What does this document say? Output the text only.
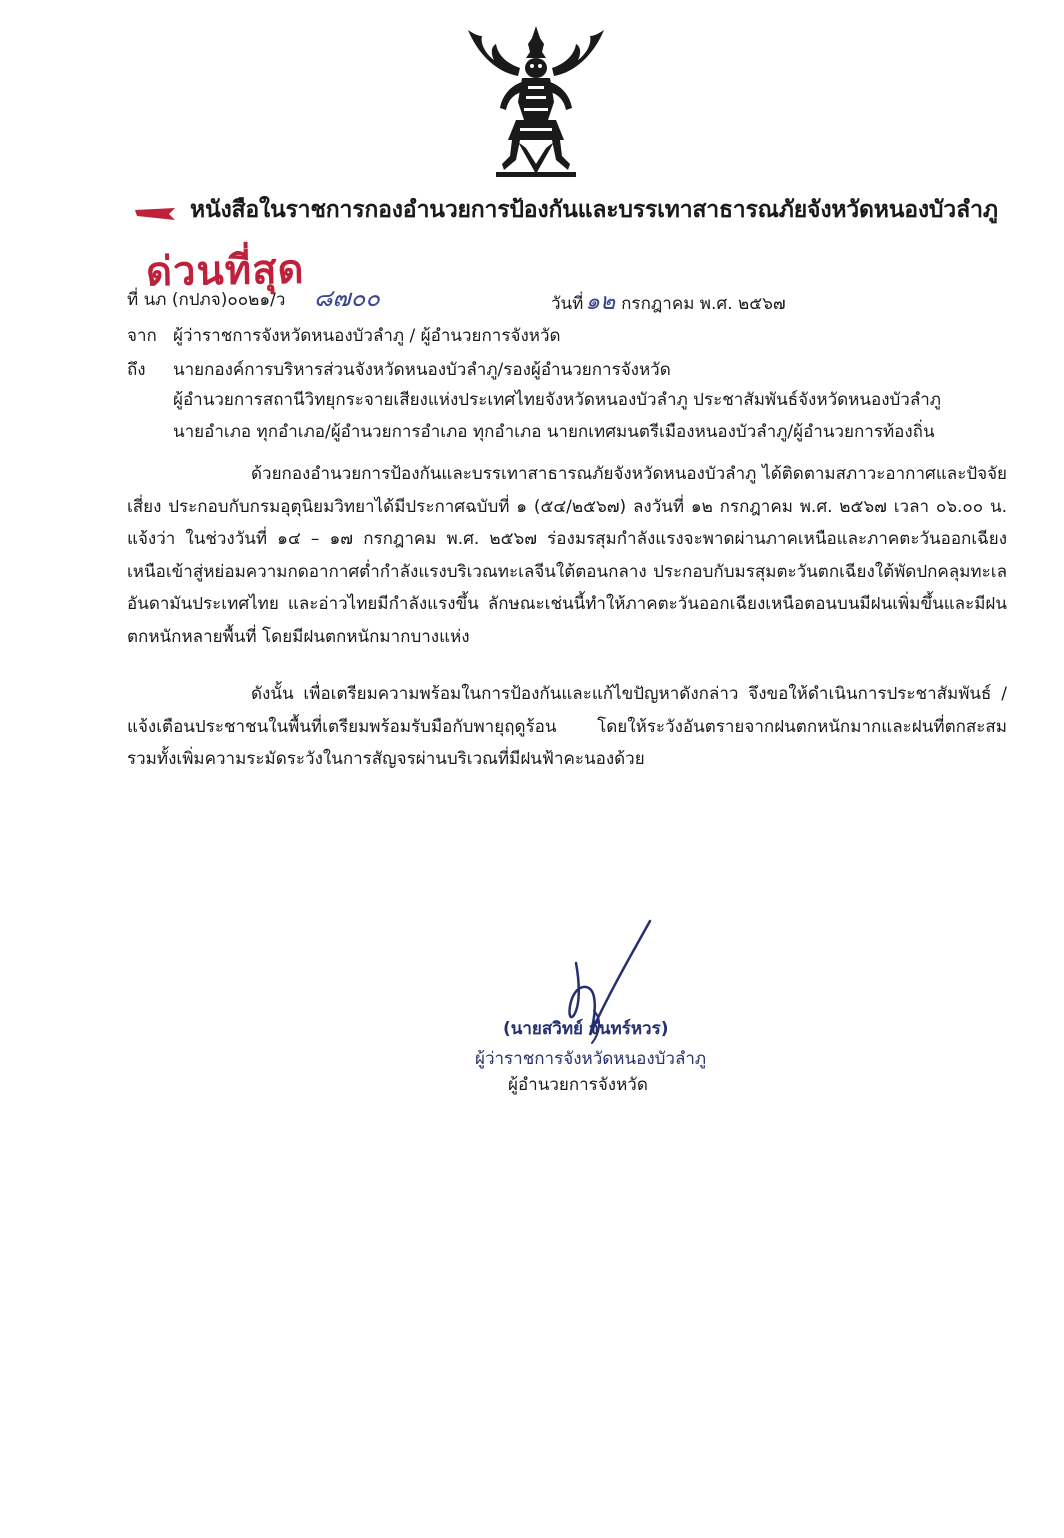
หนังสือในราชการกองอำนวยการป้องกันและบรรเทาสาธารณภัยจังหวัดหนองบัวลำภู
ด่วนที่สุด
ที่ นภ (กปภจ)๐๐๒๑/ว ๘๗๐๐	วันที่๑๒ กรกฎาคม พ.ศ. ๒๕๖๗
จาก ผู้ว่าราชการจังหวัดหนองบัวลำภู / ผู้อำนวยการจังหวัด
ถึง นายกองค์การบริหารส่วนจังหวัดหนองบัวลำภู/รองผู้อำนวยการจังหวัด
ผู้อำนวยการสถานีวิทยุกระจายเสียงแห่งประเทศไทยจังหวัดหนองบัวลำภู ประชาสัมพันธ์จังหวัดหนองบัวลำภู
นายอำเภอ ทุกอำเภอ/ผู้อำนวยการอำเภอ ทุกอำเภอ นายกเทศมนตรีเมืองหนองบัวลำภู/ผู้อำนวยการท้องถิ่น

ด้วยกองอำนวยการป้องกันและบรรเทาสาธารณภัยจังหวัดหนองบัวลำภู ได้ติดตามสภาวะอากาศและปัจจัยเสี่ยง ประกอบกับกรมอุตุนิยมวิทยาได้มีประกาศฉบับที่ ๑ (๕๔/๒๕๖๗) ลงวันที่ ๑๒ กรกฎาคม พ.ศ. ๒๕๖๗ เวลา ๐๖.๐๐ น. แจ้งว่า ในช่วงวันที่ ๑๔ – ๑๗ กรกฎาคม พ.ศ. ๒๕๖๗ ร่องมรสุมกำลังแรงจะพาดผ่านภาคเหนือและภาคตะวันออกเฉียงเหนือเข้าสู่หย่อมความกดอากาศต่ำกำลังแรงบริเวณทะเลจีนใต้ตอนกลาง ประกอบกับมรสุมตะวันตกเฉียงใต้พัดปกคลุมทะเลอันดามันประเทศไทย และอ่าวไทยมีกำลังแรงขึ้น ลักษณะเช่นนี้ทำให้ภาคตะวันออกเฉียงเหนือตอนบนมีฝนเพิ่มขึ้นและมีฝนตกหนักหลายพื้นที่ โดยมีฝนตกหนักมากบางแห่ง

ดังนั้น เพื่อเตรียมความพร้อมในการป้องกันและแก้ไขปัญหาดังกล่าว จึงขอให้ดำเนินการประชาสัมพันธ์ / แจ้งเตือนประชาชนในพื้นที่เตรียมพร้อมรับมือกับพายุฤดูร้อน โดยให้ระวังอันตรายจากฝนตกหนักมากและฝนที่ตกสะสม รวมทั้งเพิ่มความระมัดระวังในการสัญจรผ่านบริเวณที่มีฝนฟ้าคะนองด้วย

(นายสวิทย์ จันทร์หวร)
ผู้ว่าราชการจังหวัดหนองบัวลำภู
ผู้อำนวยการจังหวัด
